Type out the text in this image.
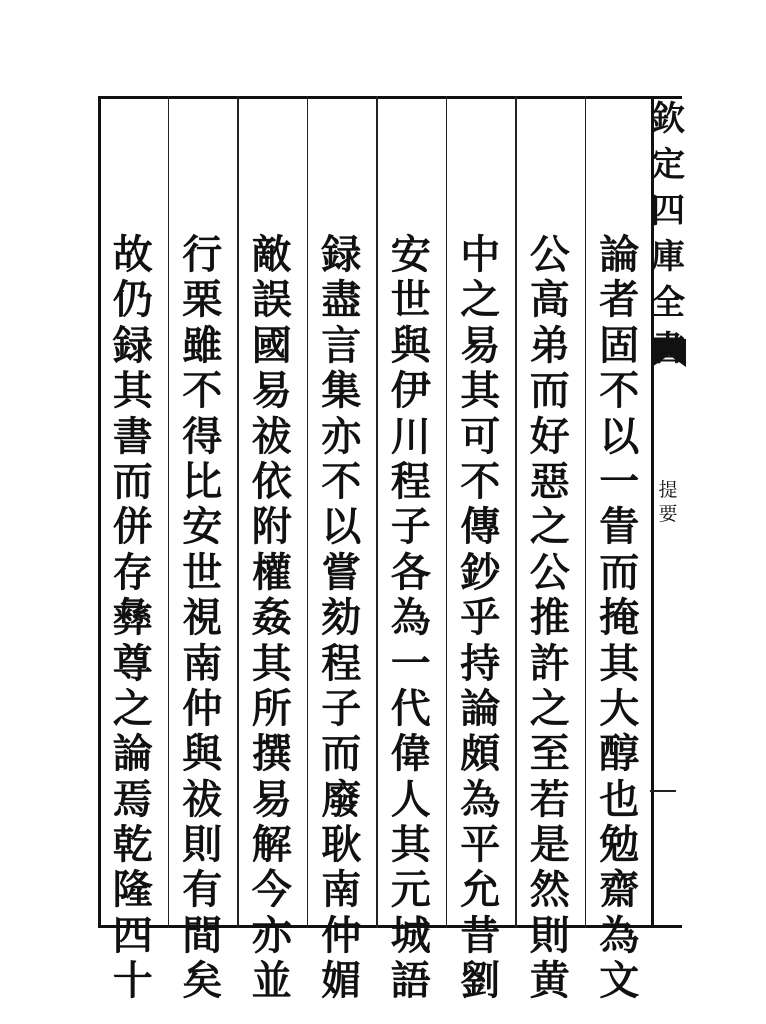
論
者
固
不
以
一
眚
而
掩
其
大
醇
也
勉
齋
為
文
公
高
弟
而
好
惡
之
公
推
許
之
至
若
是
然
則
黄
中
之
易
其
可
不
傳
鈔
乎
持
論
頗
為
平
允
昔
劉
安
世
與
伊
川
程
子
各
為
一
代
偉
人
其
元
城
語
録
盡
言
集
亦
不
以
嘗
劾
程
子
而
廢
耿
南
仲
媚
敵
誤
國
易
祓
依
附
權
姦
其
所
撰
易
解
今
亦
並
行
栗
雖
不
得
比
安
世
視
南
仲
與
祓
則
有
間
矣
故
仍
録
其
書
而
併
存
彝
尊
之
論
焉
乾
隆
四
十
欽
定
四
庫
全
提
要
